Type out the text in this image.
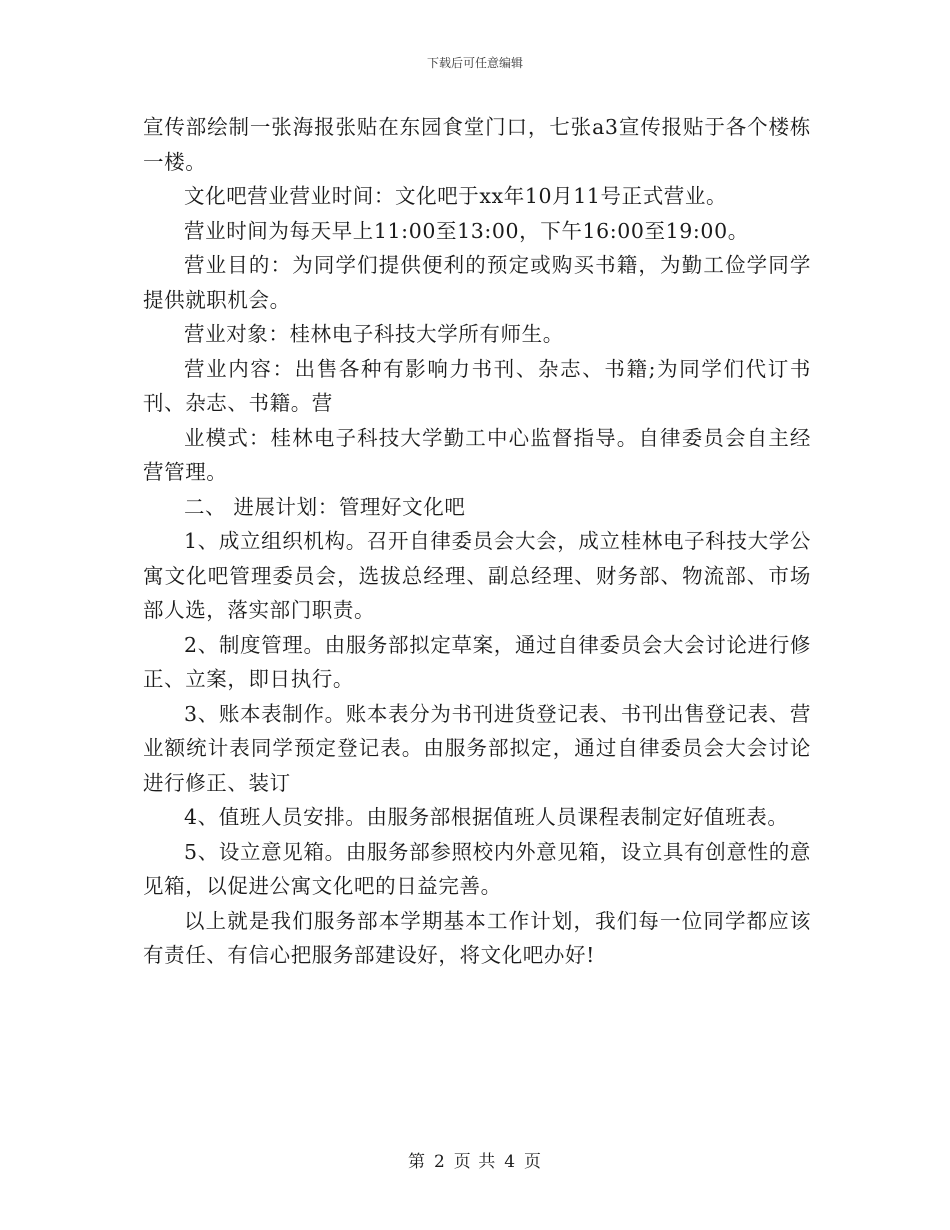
下载后可任意编辑

宣传部绘制一张海报张贴在东园食堂门口，七张a3宣传报贴于各个楼栋一楼。

文化吧营业营业时间：文化吧于xx年10月11号正式营业。

营业时间为每天早上11:00至13:00，下午16:00至19:00。

营业目的：为同学们提供便利的预定或购买书籍，为勤工俭学同学提供就职机会。

营业对象：桂林电子科技大学所有师生。

营业内容：出售各种有影响力书刊、杂志、书籍;为同学们代订书刊、杂志、书籍。营

业模式：桂林电子科技大学勤工中心监督指导。自律委员会自主经营管理。

二、 进展计划：管理好文化吧

1、成立组织机构。召开自律委员会大会，成立桂林电子科技大学公寓文化吧管理委员会，选拔总经理、副总经理、财务部、物流部、市场部人选，落实部门职责。

2、制度管理。由服务部拟定草案，通过自律委员会大会讨论进行修正、立案，即日执行。

3、账本表制作。账本表分为书刊进货登记表、书刊出售登记表、营业额统计表同学预定登记表。由服务部拟定，通过自律委员会大会讨论进行修正、装订

4、值班人员安排。由服务部根据值班人员课程表制定好值班表。

5、设立意见箱。由服务部参照校内外意见箱，设立具有创意性的意见箱，以促进公寓文化吧的日益完善。

以上就是我们服务部本学期基本工作计划，我们每一位同学都应该有责任、有信心把服务部建设好，将文化吧办好!

第 2 页 共 4 页
